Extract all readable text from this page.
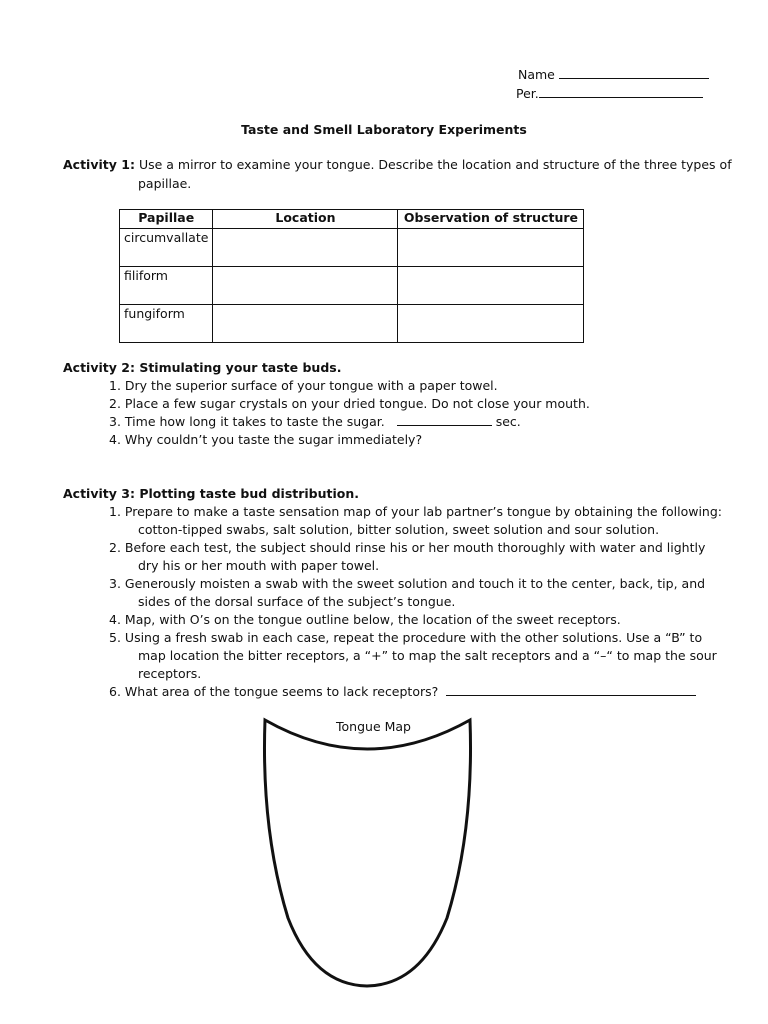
Name
Per.
Taste and Smell Laboratory Experiments
Activity 1: Use a mirror to examine your tongue. Describe the location and structure of the three types of
papillae.
Papillae	Location	Observation of structure
circumvallate		
filiform		
fungiform		
Activity 2: Stimulating your taste buds.
1. Dry the superior surface of your tongue with a paper towel.
2. Place a few sugar crystals on your dried tongue. Do not close your mouth.
3. Time how long it takes to taste the sugar.	sec.
4. Why couldn’t you taste the sugar immediately?
Activity 3: Plotting taste bud distribution.
1. Prepare to make a taste sensation map of your lab partner’s tongue by obtaining the following:
cotton-tipped swabs, salt solution, bitter solution, sweet solution and sour solution.
2. Before each test, the subject should rinse his or her mouth thoroughly with water and lightly
dry his or her mouth with paper towel.
3. Generously moisten a swab with the sweet solution and touch it to the center, back, tip, and
sides of the dorsal surface of the subject’s tongue.
4. Map, with O’s on the tongue outline below, the location of the sweet receptors.
5. Using a fresh swab in each case, repeat the procedure with the other solutions. Use a “B” to
map location the bitter receptors, a “+” to map the salt receptors and a “–“ to map the sour
receptors.
6. What area of the tongue seems to lack receptors?
Tongue Map
